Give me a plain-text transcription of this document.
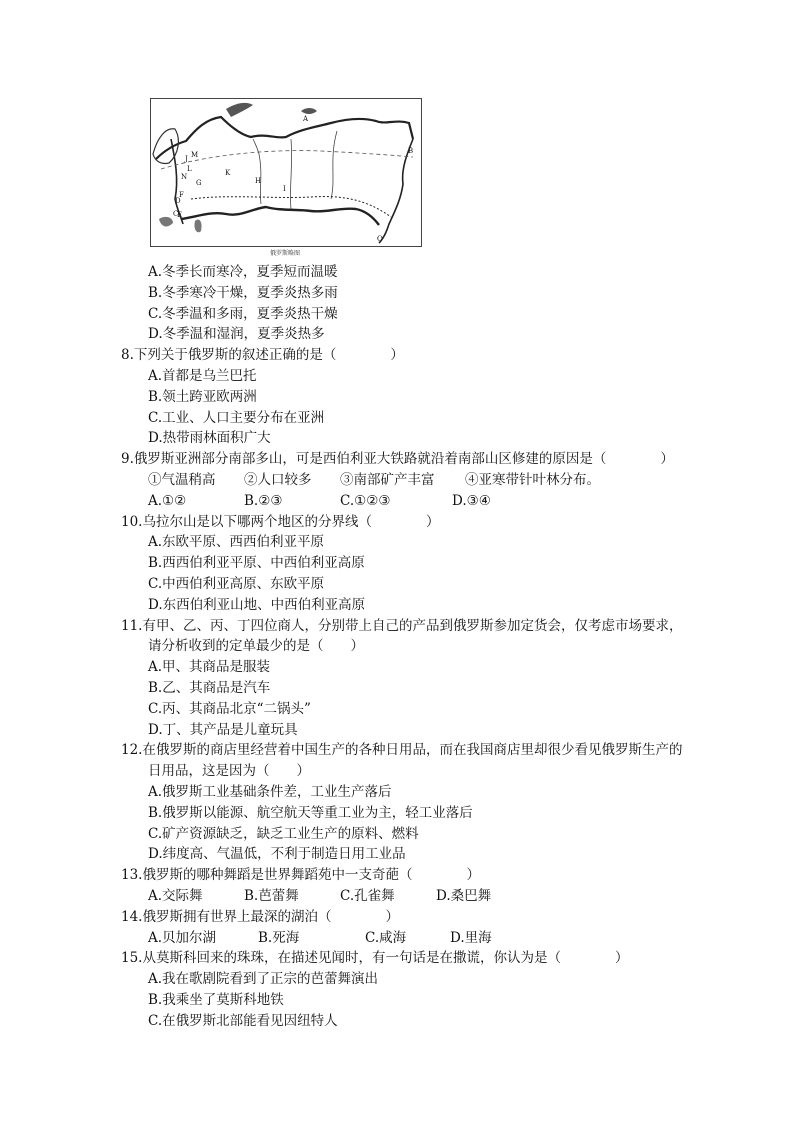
A
B
C
D
E
F
G	H
I
J
K
L
M
N
O
俄罗斯略图

A.冬季长而寒冷，夏季短而温暖

B.冬季寒冷干燥，夏季炎热多雨

C.冬季温和多雨，夏季炎热干燥

D.冬季温和湿润，夏季炎热多

8.下列关于俄罗斯的叙述正确的是（　　　　）

A.首都是乌兰巴托

B.领土跨亚欧两洲

C.工业、人口主要分布在亚洲

D.热带雨林面积广大

9.俄罗斯亚洲部分南部多山，可是西伯利亚大铁路就沿着南部山区修建的原因是（　　　　）

①气温稍高 ②人口较多 ③南部矿产丰富 ④亚寒带针叶林分布。

A.①②	B.②③	C.①②③	D.③④

10.乌拉尔山是以下哪两个地区的分界线（　　　　）

A.东欧平原、西西伯利亚平原

B.西西伯利亚平原、中西伯利亚高原

C.中西伯利亚高原、东欧平原

D.东西伯利亚山地、中西伯利亚高原

11.有甲、乙、丙、丁四位商人，分别带上自己的产品到俄罗斯参加定货会，仅考虑市场要求，

请分析收到的定单最少的是（　　）

A.甲、其商品是服装

B.乙、其商品是汽车

C.丙、其商品北京“二锅头”

D.丁、其产品是儿童玩具

12.在俄罗斯的商店里经营着中国生产的各种日用品，而在我国商店里却很少看见俄罗斯生产的

日用品，这是因为（　　）

A.俄罗斯工业基础条件差，工业生产落后

B.俄罗斯以能源、航空航天等重工业为主，轻工业落后

C.矿产资源缺乏，缺乏工业生产的原料、燃料

D.纬度高、气温低，不利于制造日用工业品

13.俄罗斯的哪种舞蹈是世界舞蹈苑中一支奇葩（　　　　）

A.交际舞	B.芭蕾舞	C.孔雀舞	D.桑巴舞

14.俄罗斯拥有世界上最深的湖泊（　　　　）

A.贝加尔湖	B.死海	C.咸海	D.里海

15.从莫斯科回来的珠珠，在描述见闻时，有一句话是在撒谎，你认为是（　　　　）

A.我在歌剧院看到了正宗的芭蕾舞演出

B.我乘坐了莫斯科地铁

C.在俄罗斯北部能看见因纽特人
